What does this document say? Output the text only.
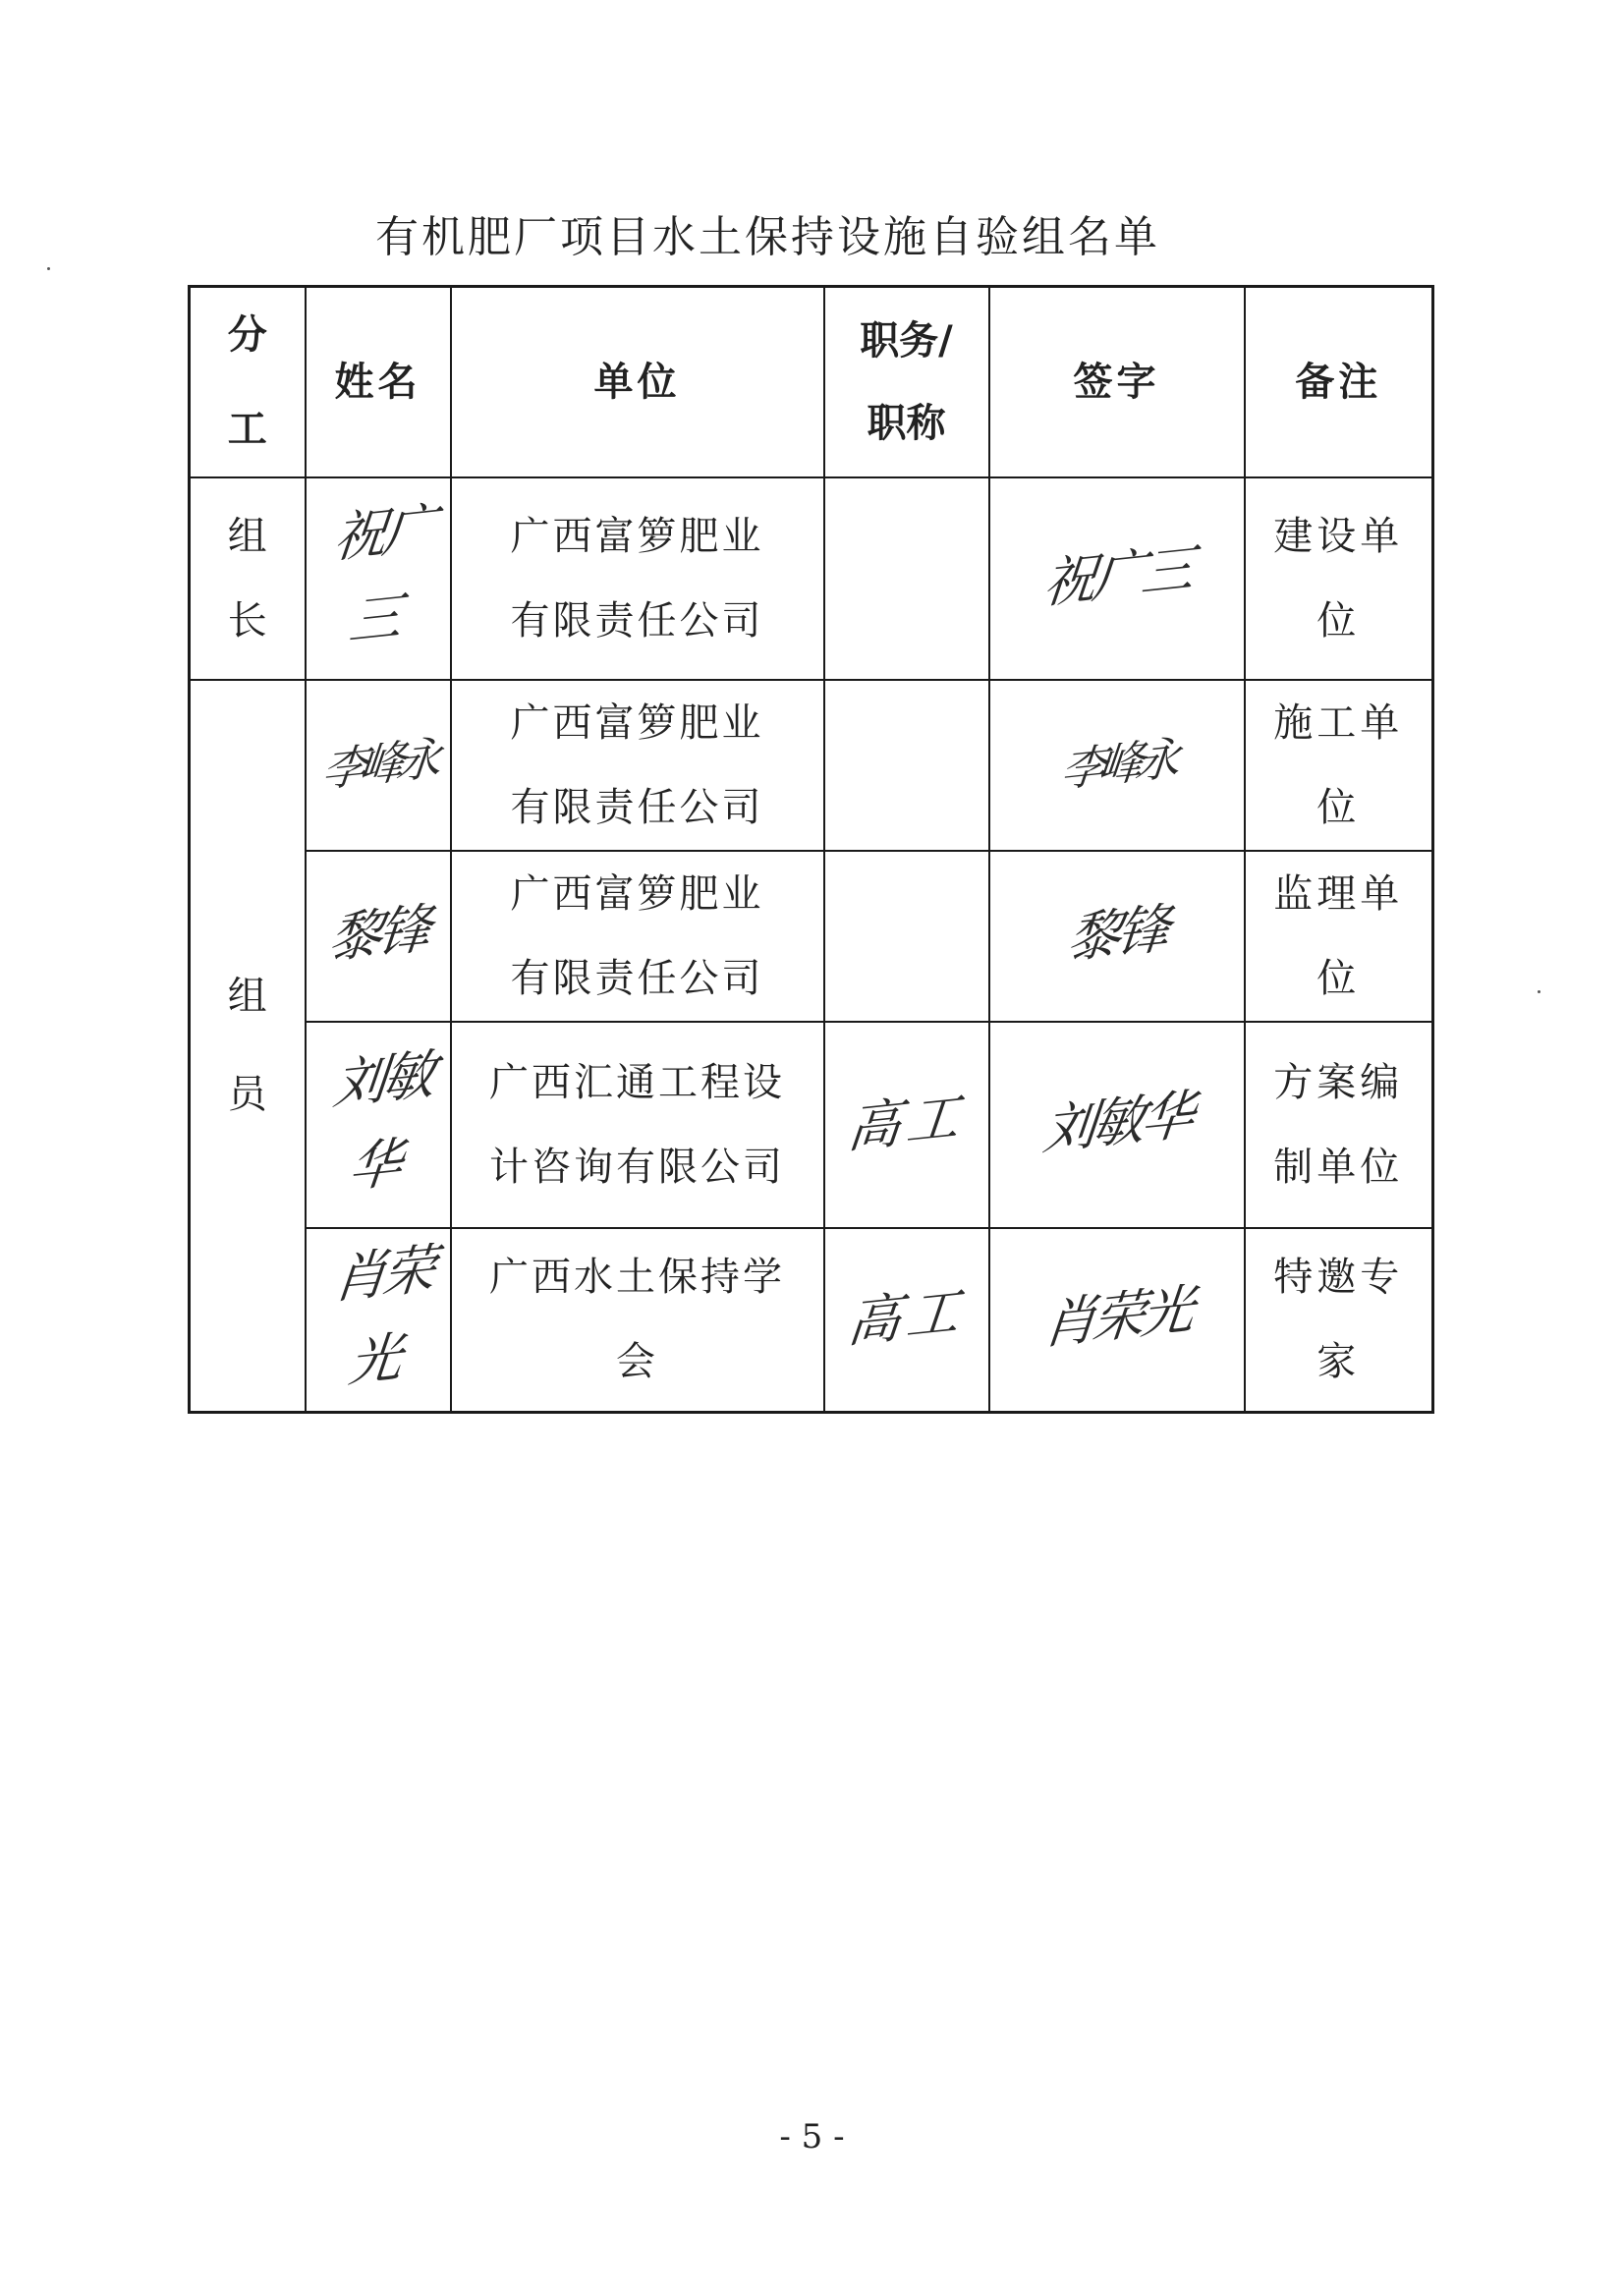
有机肥厂项目水土保持设施自验组名单
分工	姓名	单位	职务/职称	签字	备注
组长	祝广三	广西富箩肥业有限责任公司		祝广三	建设单位
组员	李峰永	广西富箩肥业有限责任公司		李峰永	施工单位
	黎锋	广西富箩肥业有限责任公司		黎锋	监理单位
	刘敏华	广西汇通工程设计咨询有限公司	高工	刘敏华	方案编制单位
	肖荣光	广西水土保持学会	高工	肖荣光	特邀专家
- 5 -
